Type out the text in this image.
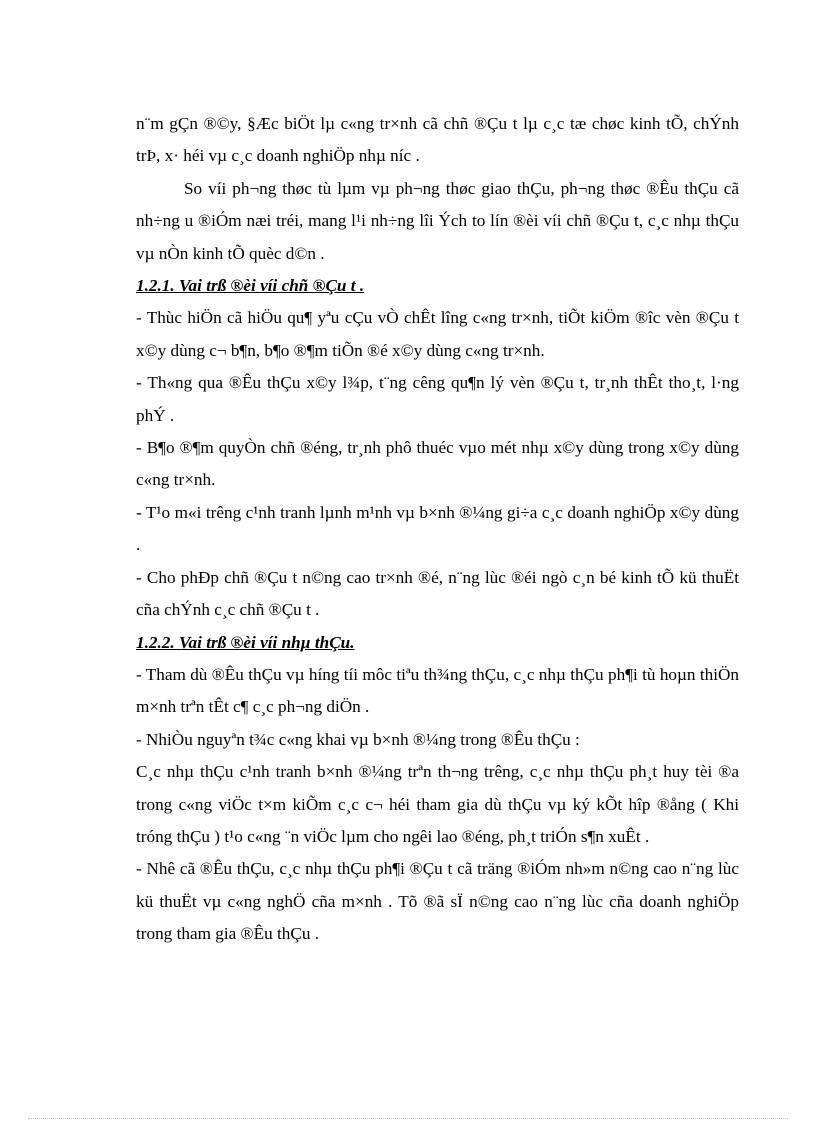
n¨m gÇn ®©y, §Æc biÖt lµ c«ng tr×nh cã chñ ®Çu t lµ c¸c tæ chøc kinh tÕ, chÝnh trÞ, x· héi vµ c¸c doanh nghiÖp nhµ níc .

So víi ph¬ng thøc tù lµm vµ ph¬ng thøc giao thÇu, ph¬ng thøc ®Êu thÇu cã nh÷ng u ®iÓm næi tréi, mang l¹i nh÷ng lîi Ých to lín ®èi víi chñ ®Çu t, c¸c nhµ thÇu vµ nÒn kinh tÕ quèc d©n .

1.2.1. Vai trß ®èi víi chñ ®Çu t .

- Thùc hiÖn cã hiÖu qu¶ yªu cÇu vÒ chÊt lîng c«ng tr×nh, tiÕt kiÖm ®îc vèn ®Çu t x©y dùng c¬ b¶n, b¶o ®¶m tiÕn ®é x©y dùng c«ng tr×nh.

- Th«ng qua ®Êu thÇu x©y l¾p, t¨ng cêng qu¶n lý vèn ®Çu t, tr¸nh thÊt tho¸t, l·ng phÝ .

- B¶o ®¶m quyÒn chñ ®éng, tr¸nh phô thuéc vµo mét nhµ x©y dùng trong x©y dùng c«ng tr×nh.

- T¹o m«i trêng c¹nh tranh lµnh m¹nh vµ b×nh ®¼ng gi÷a c¸c doanh nghiÖp x©y dùng .

- Cho phÐp chñ ®Çu t n©ng cao tr×nh ®é, n¨ng lùc ®éi ngò c¸n bé kinh tÕ kü thuËt cña chÝnh c¸c chñ ®Çu t .

1.2.2. Vai trß ®èi víi nhµ thÇu.

- Tham dù ®Êu thÇu vµ híng tíi môc tiªu th¾ng thÇu, c¸c nhµ thÇu ph¶i tù hoµn thiÖn m×nh trªn tÊt c¶ c¸c ph¬ng diÖn .

- NhiÒu nguyªn t¾c c«ng khai vµ b×nh ®¼ng trong ®Êu thÇu :

C¸c nhµ thÇu c¹nh tranh b×nh ®¼ng trªn th¬ng trêng, c¸c nhµ thÇu ph¸t huy tèi ®a trong c«ng viÖc t×m kiÕm c¸c c¬ héi tham gia dù thÇu vµ ký kÕt hîp ®ång ( Khi tróng thÇu ) t¹o c«ng ¨n viÖc lµm cho ngêi lao ®éng, ph¸t triÓn s¶n xuÊt .

- Nhê cã ®Êu thÇu, c¸c nhµ thÇu ph¶i ®Çu t cã träng ®iÓm nh»m n©ng cao n¨ng lùc kü thuËt vµ c«ng nghÖ cña m×nh . Tõ ®ã sÏ n©ng cao n¨ng lùc cña doanh nghiÖp trong tham gia ®Êu thÇu .
